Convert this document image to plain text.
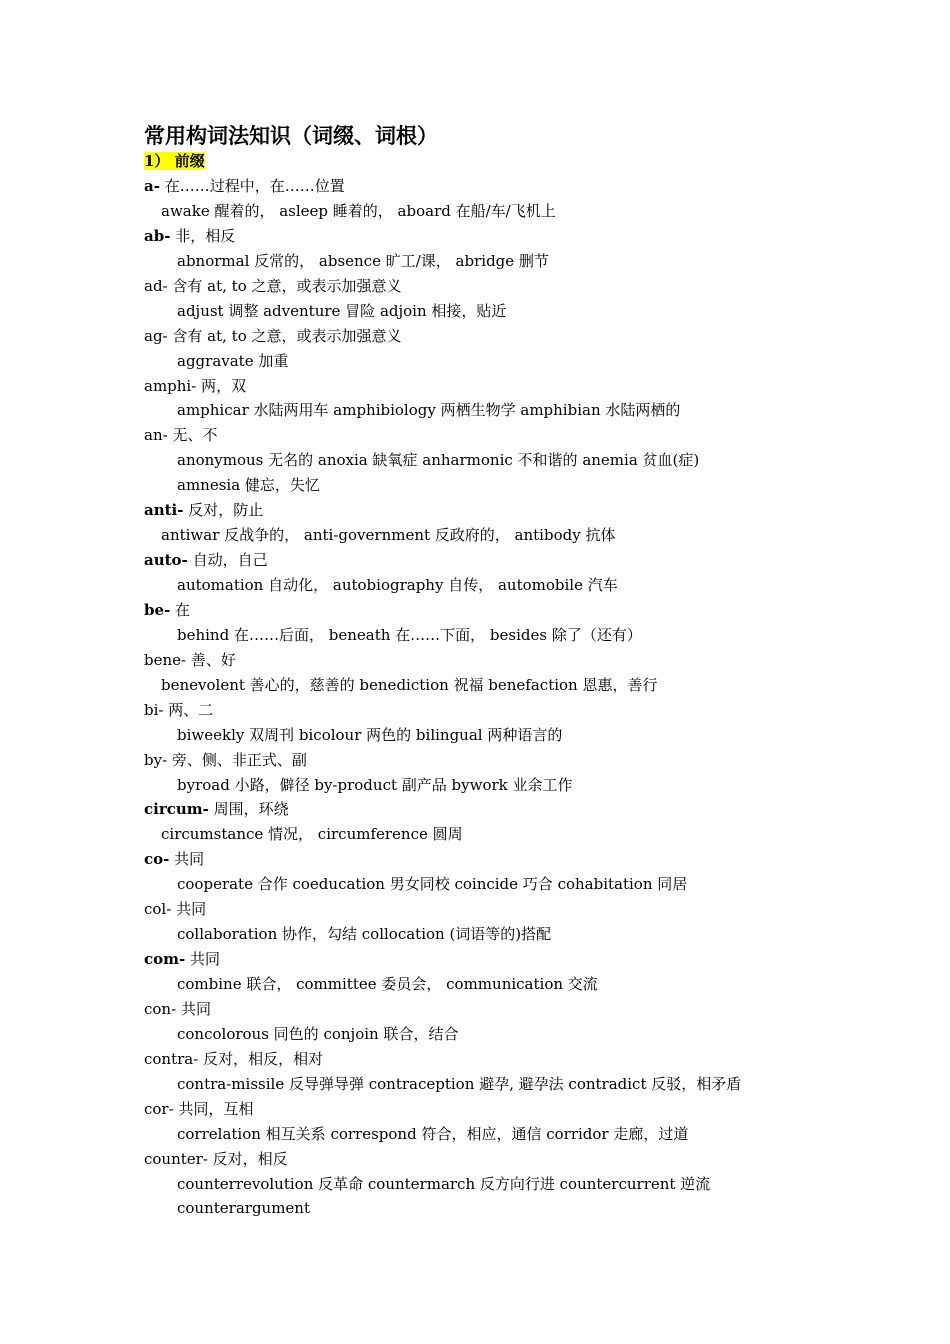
常用构词法知识（词缀、词根）
1） 前缀
a- 在……过程中，在……位置
awake 醒着的， asleep 睡着的， aboard 在船/车/飞机上
ab- 非，相反
abnormal 反常的， absence 旷工/课， abridge 删节
ad- 含有 at, to 之意，或表示加强意义
adjust 调整 adventure 冒险 adjoin 相接，贴近
ag- 含有 at, to 之意，或表示加强意义
aggravate 加重
amphi- 两，双
amphicar 水陆两用车 amphibiology 两栖生物学 amphibian 水陆两栖的
an- 无、不
anonymous 无名的 anoxia 缺氧症 anharmonic 不和谐的 anemia 贫血(症)
amnesia 健忘，失忆
anti- 反对，防止
antiwar 反战争的， anti-government 反政府的， antibody 抗体
auto- 自动，自己
automation 自动化， autobiography 自传， automobile 汽车
be- 在
behind 在……后面， beneath 在……下面， besides 除了（还有）
bene- 善、好
benevolent 善心的，慈善的 benediction 祝福 benefaction 恩惠，善行
bi- 两、二
biweekly 双周刊 bicolour 两色的 bilingual 两种语言的
by- 旁、侧、非正式、副
byroad 小路，僻径 by-product 副产品 bywork 业余工作
circum- 周围，环绕
circumstance 情况， circumference 圆周
co- 共同
cooperate 合作 coeducation 男女同校 coincide 巧合 cohabitation 同居
col- 共同
collaboration 协作，勾结 collocation (词语等的)搭配
com- 共同
combine 联合， committee 委员会， communication 交流
con- 共同
concolorous 同色的 conjoin 联合，结合
contra- 反对，相反，相对
contra-missile 反导弹导弹 contraception 避孕, 避孕法 contradict 反驳，相矛盾
cor- 共同，互相
correlation 相互关系 correspond 符合，相应，通信 corridor 走廊，过道
counter- 反对，相反
counterrevolution 反革命 countermarch 反方向行进 countercurrent 逆流
counterargument
